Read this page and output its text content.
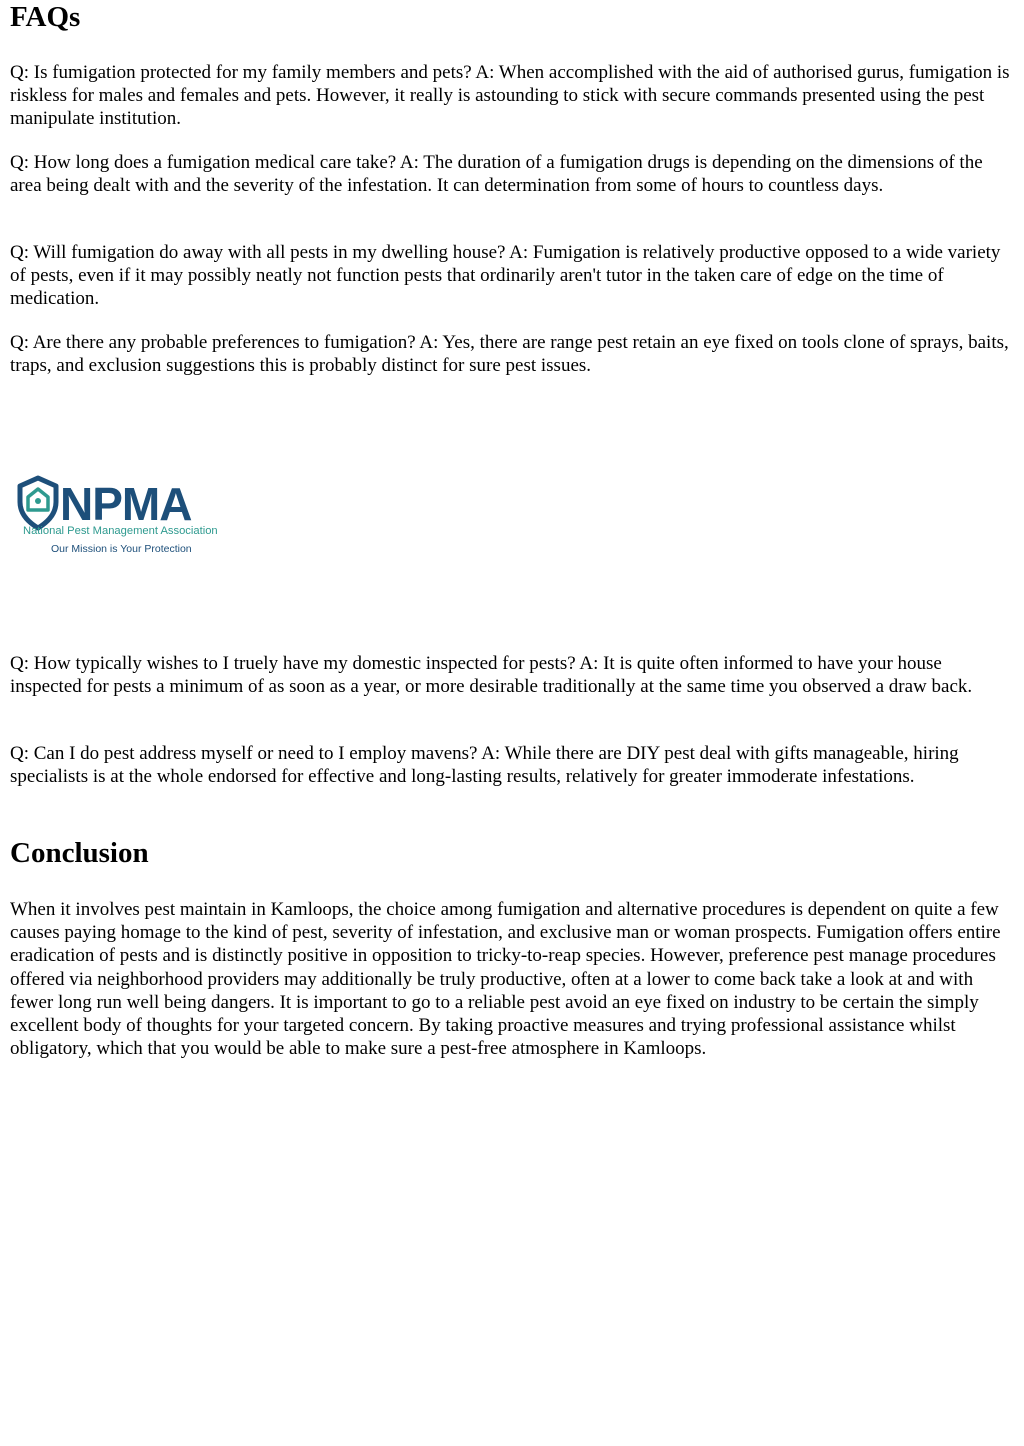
FAQs

Q: Is fumigation protected for my family members and pets? A: When accomplished with the aid of authorised gurus, fumigation is riskless for males and females and pets. However, it really is astounding to stick with secure commands presented using the pest manipulate institution.

Q: How long does a fumigation medical care take? A: The duration of a fumigation drugs is depending on the dimensions of the area being dealt with and the severity of the infestation. It can determination from some of hours to countless days.

Q: Will fumigation do away with all pests in my dwelling house? A: Fumigation is relatively productive opposed to a wide variety of pests, even if it may possibly neatly not function pests that ordinarily aren't tutor in the taken care of edge on the time of medication.

Q: Are there any probable preferences to fumigation? A: Yes, there are range pest retain an eye fixed on tools clone of sprays, baits, traps, and exclusion suggestions this is probably distinct for sure pest issues.

Q: How typically wishes to I truely have my domestic inspected for pests? A: It is quite often informed to have your house inspected for pests a minimum of as soon as a year, or more desirable traditionally at the same time you observed a draw back.

Q: Can I do pest address myself or need to I employ mavens? A: While there are DIY pest deal with gifts manageable, hiring specialists is at the whole endorsed for effective and long-lasting results, relatively for greater immoderate infestations.

Conclusion

When it involves pest maintain in Kamloops, the choice among fumigation and alternative procedures is dependent on quite a few causes paying homage to the kind of pest, severity of infestation, and exclusive man or woman prospects. Fumigation offers entire eradication of pests and is distinctly positive in opposition to tricky-to-reap species. However, preference pest manage procedures offered via neighborhood providers may additionally be truly productive, often at a lower to come back take a look at and with fewer long run well being dangers. It is important to go to a reliable pest avoid an eye fixed on industry to be certain the simply excellent body of thoughts for your targeted concern. By taking proactive measures and trying professional assistance whilst obligatory, which that you would be able to make sure a pest-free atmosphere in Kamloops.

NPMA
National Pest Management Association
Our Mission is Your Protection
